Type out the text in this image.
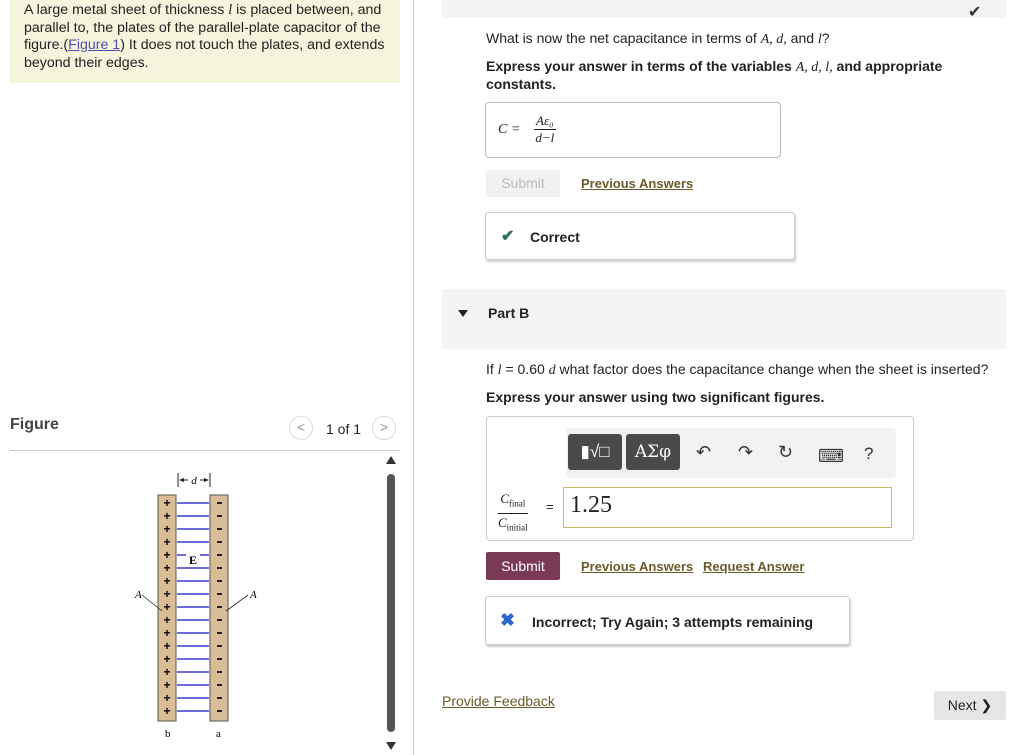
A large metal sheet of thickness l is placed between, and parallel to, the plates of the parallel-plate capacitor of the figure.(Figure 1) It does not touch the plates, and extends beyond their edges.
Figure	<	1 of 1	>
d
+
+
+
+
+
+
+
+
+
+
+
+
+
+
+
+
+
E
A	A
b	a
✔
What is now the net capacitance in terms of A, d, and l?
Express your answer in terms of the variables A, d, l, and appropriate constants.
$C = \frac{\text{Aε₀}}{d-l}$
Submit	Previous Answers
✔ Correct
Part B
If l = 0.60 d what factor does the capacitance change when the sheet is inserted?
Express your answer using two significant figures.
▮√□	ΑΣφ	↶ ↷ ↻ ⌨ ?
$C_{final}$
$C_{initial}$
= 1.25
Submit	Previous Answers Request Answer
✖ Incorrect; Try Again; 3 attempts remaining
Provide Feedback	Next ❯
